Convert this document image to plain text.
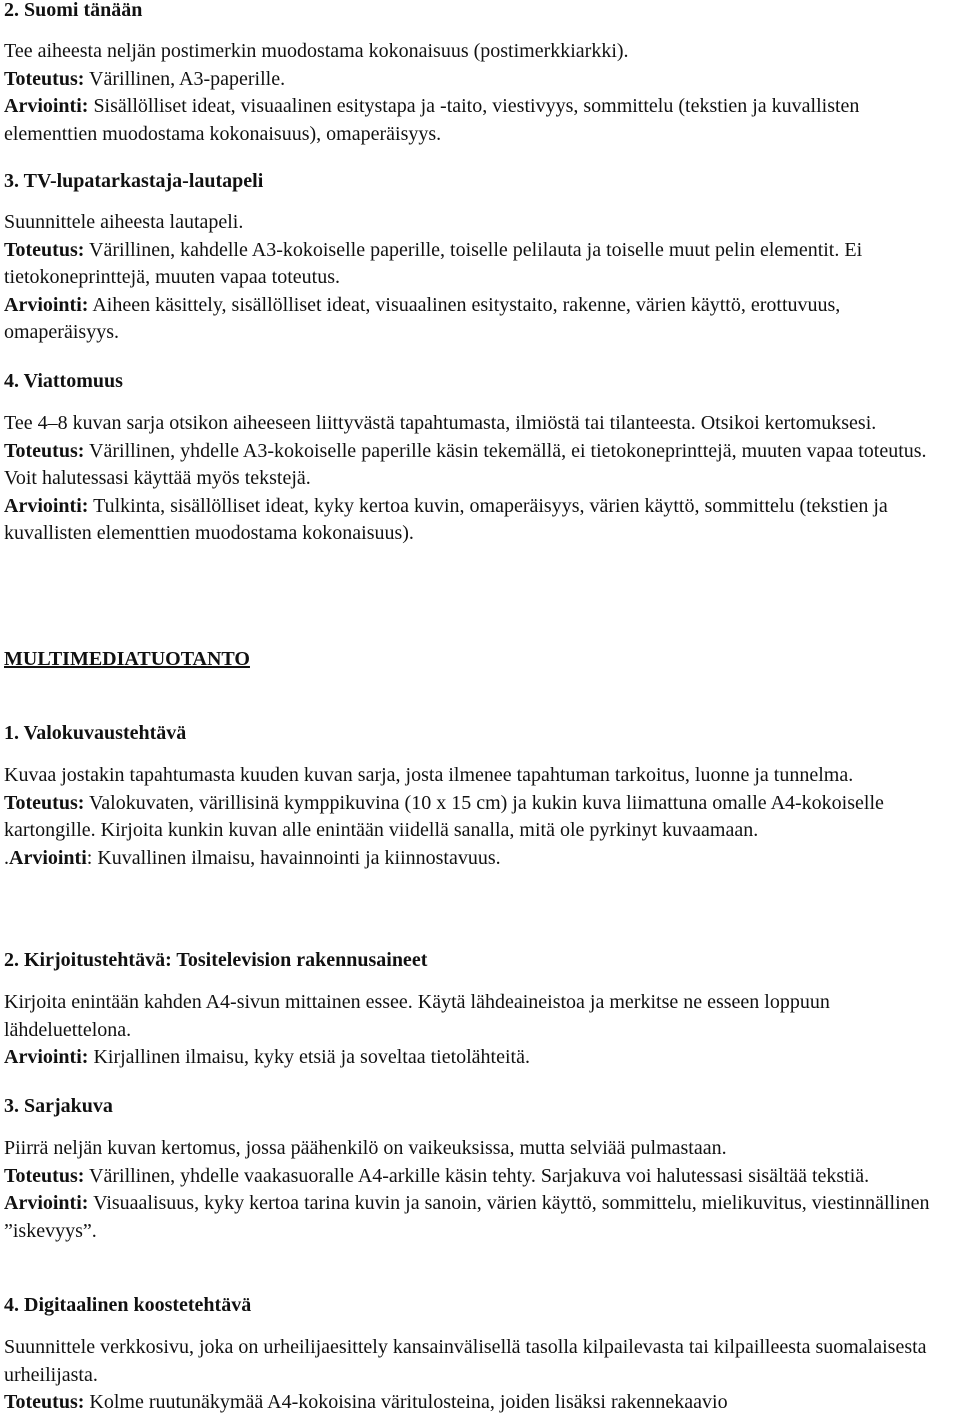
2. Suomi tänään

Tee aiheesta neljän postimerkin muodostama kokonaisuus (postimerkkiarkki).
Toteutus: Värillinen, A3-paperille.
Arviointi: Sisällölliset ideat, visuaalinen esitystapa ja -taito, viestivyys, sommittelu (tekstien ja kuvallisten elementtien muodostama kokonaisuus), omaperäisyys.

3. TV-lupatarkastaja-lautapeli

Suunnittele aiheesta lautapeli.
Toteutus: Värillinen, kahdelle A3-kokoiselle paperille, toiselle pelilauta ja toiselle muut pelin elementit. Ei tietokoneprinttejä, muuten vapaa toteutus.
Arviointi: Aiheen käsittely, sisällölliset ideat, visuaalinen esitystaito, rakenne, värien käyttö, erottuvuus, omaperäisyys.

4. Viattomuus

Tee 4–8 kuvan sarja otsikon aiheeseen liittyvästä tapahtumasta, ilmiöstä tai tilanteesta. Otsikoi kertomuksesi.
Toteutus: Värillinen, yhdelle A3-kokoiselle paperille käsin tekemällä, ei tietokoneprinttejä, muuten vapaa toteutus. Voit halutessasi käyttää myös tekstejä.
Arviointi: Tulkinta, sisällölliset ideat, kyky kertoa kuvin, omaperäisyys, värien käyttö, sommittelu (tekstien ja kuvallisten elementtien muodostama kokonaisuus).

MULTIMEDIATUOTANTO
1. Valokuvaustehtävä

Kuvaa jostakin tapahtumasta kuuden kuvan sarja, josta ilmenee tapahtuman tarkoitus, luonne ja tunnelma.
Toteutus: Valokuvaten, värillisinä kymppikuvina (10 x 15 cm) ja kukin kuva liimattuna omalle A4-kokoiselle kartongille. Kirjoita kunkin kuvan alle enintään viidellä sanalla, mitä ole pyrkinyt kuvaamaan.
.Arviointi: Kuvallinen ilmaisu, havainnointi ja kiinnostavuus.

2. Kirjoitustehtävä: Tositelevision rakennusaineet

Kirjoita enintään kahden A4-sivun mittainen essee. Käytä lähdeaineistoa ja merkitse ne esseen loppuun lähdeluettelona.
Arviointi: Kirjallinen ilmaisu, kyky etsiä ja soveltaa tietolähteitä.

3. Sarjakuva

Piirrä neljän kuvan kertomus, jossa päähenkilö on vaikeuksissa, mutta selviää pulmastaan.
Toteutus: Värillinen, yhdelle vaakasuoralle A4-arkille käsin tehty. Sarjakuva voi halutessasi sisältää tekstiä.
Arviointi: Visuaalisuus, kyky kertoa tarina kuvin ja sanoin, värien käyttö, sommittelu, mielikuvitus, viestinnällinen ”iskevyys”.

4. Digitaalinen koostetehtävä

Suunnittele verkkosivu, joka on urheilijaesittely kansainvälisellä tasolla kilpailevasta tai kilpailleesta suomalaisesta urheilijasta.
Toteutus: Kolme ruutunäkymää A4-kokoisina väritulosteina, joiden lisäksi rakennekaavio
